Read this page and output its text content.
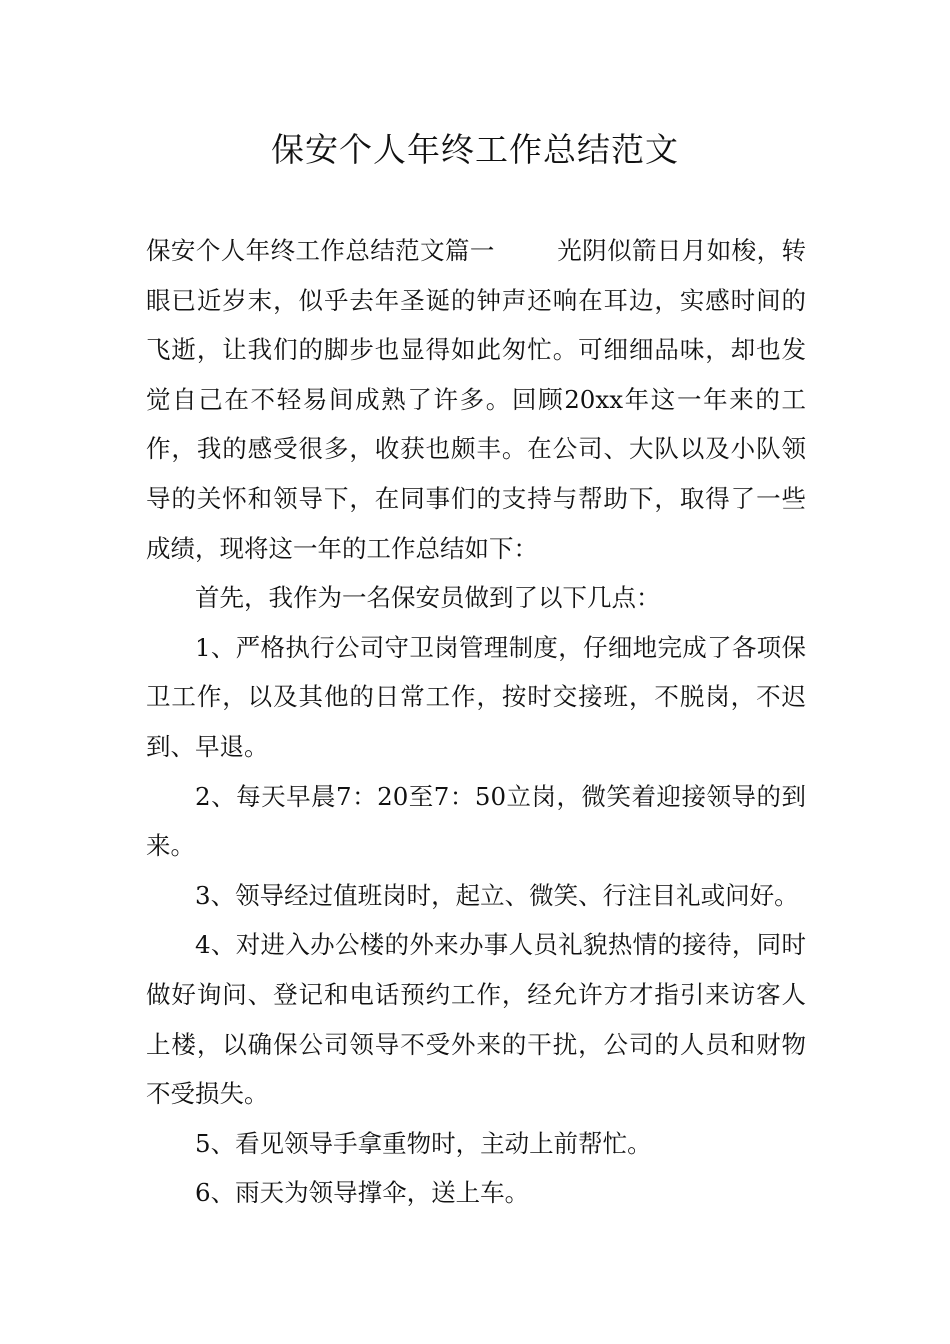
保安个人年终工作总结范文

保安个人年终工作总结范文篇一	光阴似箭日月如梭，转眼已近岁末，似乎去年圣诞的钟声还响在耳边，实感时间的飞逝，让我们的脚步也显得如此匆忙。可细细品味，却也发觉自己在不轻易间成熟了许多。回顾20xx年这一年来的工作，我的感受很多，收获也颇丰。在公司、大队以及小队领导的关怀和领导下，在同事们的支持与帮助下，取得了一些成绩，现将这一年的工作总结如下：

首先，我作为一名保安员做到了以下几点：

1、严格执行公司守卫岗管理制度，仔细地完成了各项保卫工作，以及其他的日常工作，按时交接班，不脱岗，不迟到、早退。

2、每天早晨7：20至7：50立岗，微笑着迎接领导的到来。

3、领导经过值班岗时，起立、微笑、行注目礼或问好。

4、对进入办公楼的外来办事人员礼貌热情的接待，同时做好询问、登记和电话预约工作，经允许方才指引来访客人上楼，以确保公司领导不受外来的干扰，公司的人员和财物不受损失。

5、看见领导手拿重物时，主动上前帮忙。

6、雨天为领导撑伞，送上车。
